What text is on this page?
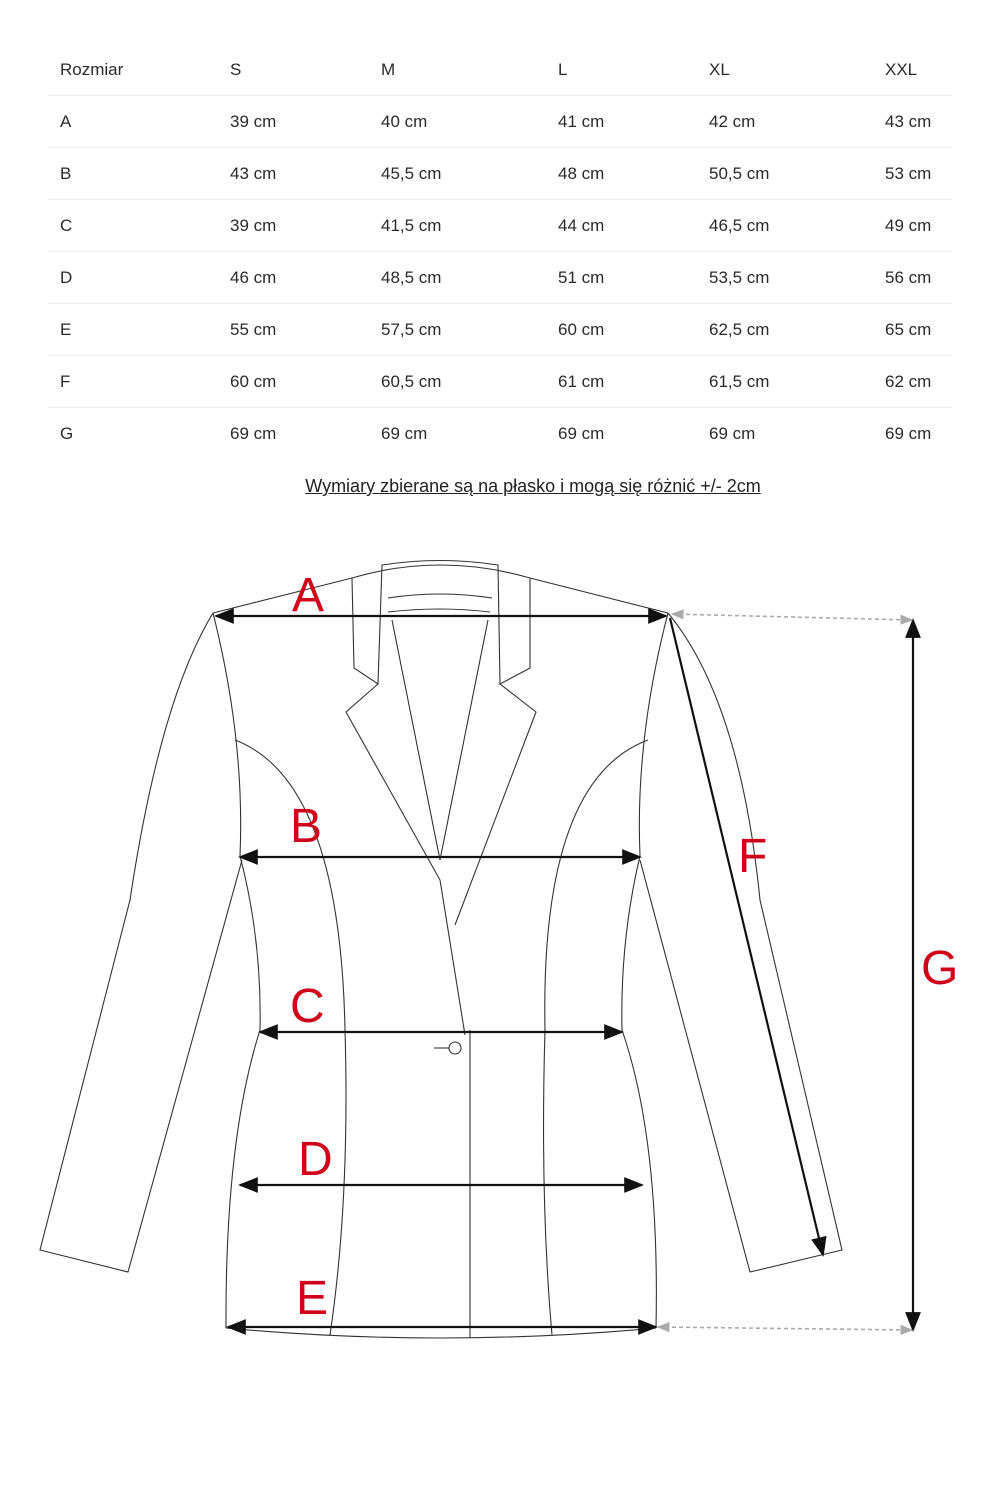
Rozmiar	S	M	L	XL	XXL
A	39 cm	40 cm	41 cm	42 cm	43 cm
B	43 cm	45,5 cm	48 cm	50,5 cm	53 cm
C	39 cm	41,5 cm	44 cm	46,5 cm	49 cm
D	46 cm	48,5 cm	51 cm	53,5 cm	56 cm
E	55 cm	57,5 cm	60 cm	62,5 cm	65 cm
F	60 cm	60,5 cm	61 cm	61,5 cm	62 cm
G	69 cm	69 cm	69 cm	69 cm	69 cm
Wymiary zbierane są na płasko i mogą się różnić +/- 2cm
A
B
C
D
E
F
G
